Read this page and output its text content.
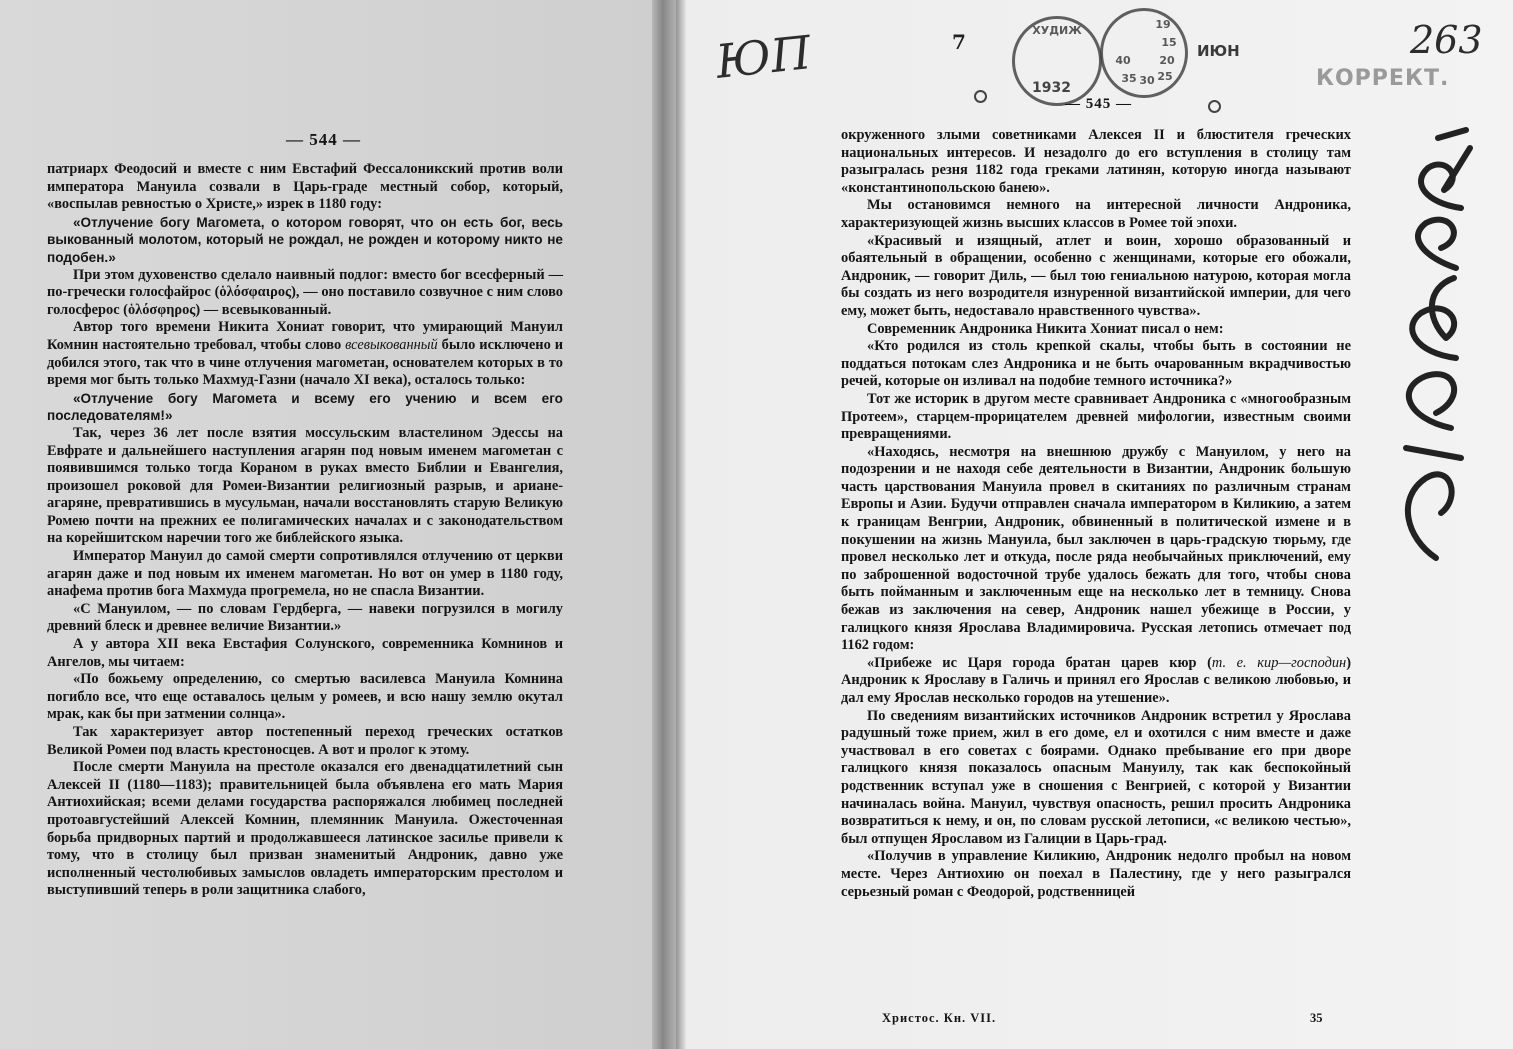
— 544 —

патриарх Феодосий и вместе с ним Евстафий Фессалоникский против воли императора Мануила созвали в Царь-граде местный собор, который, «воспылав ревностью о Христе,» изрек в 1180 году:

«Отлучение богу Магомета, о котором говорят, что он есть бог, весь выкованный молотом, который не рождал, не рожден и которому никто не подобен.»

При этом духовенство сделало наивный подлог: вместо бог всесферный — по-гречески голосфайрос (ὁλόσφαιρος), — оно поставило созвучное с ним слово голосферос (ὁλόσφηρος) — всевыкованный.

Автор того времени Никита Хониат говорит, что умирающий Мануил Комнин настоятельно требовал, чтобы слово всевыкованный было исключено и добился этого, так что в чине отлучения магометан, основателем которых в то время мог быть только Махмуд-Газни (начало XI века), осталось только:

«Отлучение богу Магомета и всему его учению и всем его последователям!»

Так, через 36 лет после взятия моссульским властелином Эдессы на Евфрате и дальнейшего наступления агарян под новым именем магометан с появившимся только тогда Кораном в руках вместо Библии и Евангелия, произошел роковой для Ромеи-Византии религиозный разрыв, и ариане-агаряне, превратившись в мусульман, начали восстановлять старую Великую Ромею почти на прежних ее полигамических началах и с законодательством на корейшитском наречии того же библейского языка.

Император Мануил до самой смерти сопротивлялся отлучению от церкви агарян даже и под новым их именем магометан. Но вот он умер в 1180 году, анафема против бога Махмуда прогремела, но не спасла Византии.

«С Мануилом, — по словам Гердберга, — навеки погрузился в могилу древний блеск и древнее величие Византии.»

А у автора XII века Евстафия Солунского, современника Комнинов и Ангелов, мы читаем:

«По божьему определению, со смертью василевса Мануила Комнина погибло все, что еще оставалось целым у ромеев, и всю нашу землю окутал мрак, как бы при затмении солнца».

Так характеризует автор постепенный переход греческих остатков Великой Ромеи под власть крестоносцев. А вот и пролог к этому.

После смерти Мануила на престоле оказался его двенадцатилетний сын Алексей II (1180—1183); правительницей была объявлена его мать Мария Антиохийская; всеми делами государства распоряжался любимец последней протоавгустейший Алексей Комнин, племянник Мануила. Ожесточенная борьба придворных партий и продолжавшееся латинское засилье привели к тому, что в столицу был призван знаменитый Андроник, давно уже исполненный честолюбивых замыслов овладеть императорским престолом и выступивший теперь в роли защитника слабого,

ЮП	7	ХУДИЖ	19
15
20
40
35 30 25
1932
ИЮН
КОРРЕКТ.
263
— 545 —

окруженного злыми советниками Алексея II и блюстителя греческих национальных интересов. И незадолго до его вступления в столицу там разыгралась резня 1182 года греками латинян, которую иногда называют «константинопольскою банею».

Мы остановимся немного на интересной личности Андроника, характеризующей жизнь высших классов в Ромее той эпохи.

«Красивый и изящный, атлет и воин, хорошо образованный и обаятельный в обращении, особенно с женщинами, которые его обожали, Андроник, — говорит Диль, — был тою гениальною натурою, которая могла бы создать из него возродителя изнуренной византийской империи, для чего ему, может быть, недоставало нравственного чувства».

Современник Андроника Никита Хониат писал о нем:

«Кто родился из столь крепкой скалы, чтобы быть в состоянии не поддаться потокам слез Андроника и не быть очарованным вкрадчивостью речей, которые он изливал на подобие темного источника?»

Тот же историк в другом месте сравнивает Андроника с «многообразным Протеем», старцем-прорицателем древней мифологии, известным своими превращениями.

«Находясь, несмотря на внешнюю дружбу с Мануилом, у него на подозрении и не находя себе деятельности в Византии, Андроник большую часть царствования Мануила провел в скитаниях по различным странам Европы и Азии. Будучи отправлен сначала императором в Киликию, а затем к границам Венгрии, Андроник, обвиненный в политической измене и в покушении на жизнь Мануила, был заключен в царь-градскую тюрьму, где провел несколько лет и откуда, после ряда необычайных приключений, ему по заброшенной водосточной трубе удалось бежать для того, чтобы снова быть пойманным и заключенным еще на несколько лет в темницу. Снова бежав из заключения на север, Андроник нашел убежище в России, у галицкого князя Ярослава Владимировича. Русская летопись отмечает под 1162 годом:

«Прибеже ис Царя города братан царев кюр (т. е. кир—господин) Андроник к Ярославу в Галичь и принял его Ярослав с великою любовью, и дал ему Ярослав несколько городов на утешение».

По сведениям византийских источников Андроник встретил у Ярослава радушный тоже прием, жил в его доме, ел и охотился с ним вместе и даже участвовал в его советах с боярами. Однако пребывание его при дворе галицкого князя показалось опасным Мануилу, так как беспокойный родственник вступал уже в сношения с Венгрией, с которой у Византии начиналась война. Мануил, чувствуя опасность, решил просить Андроника возвратиться к нему, и он, по словам русской летописи, «с великою честью», был отпущен Ярославом из Галиции в Царь-град.

«Получив в управление Киликию, Андроник недолго пробыл на новом месте. Через Антиохию он поехал в Палестину, где у него разыгрался серьезный роман с Феодорой, родственницей

Христос. Кн. VII.	35
